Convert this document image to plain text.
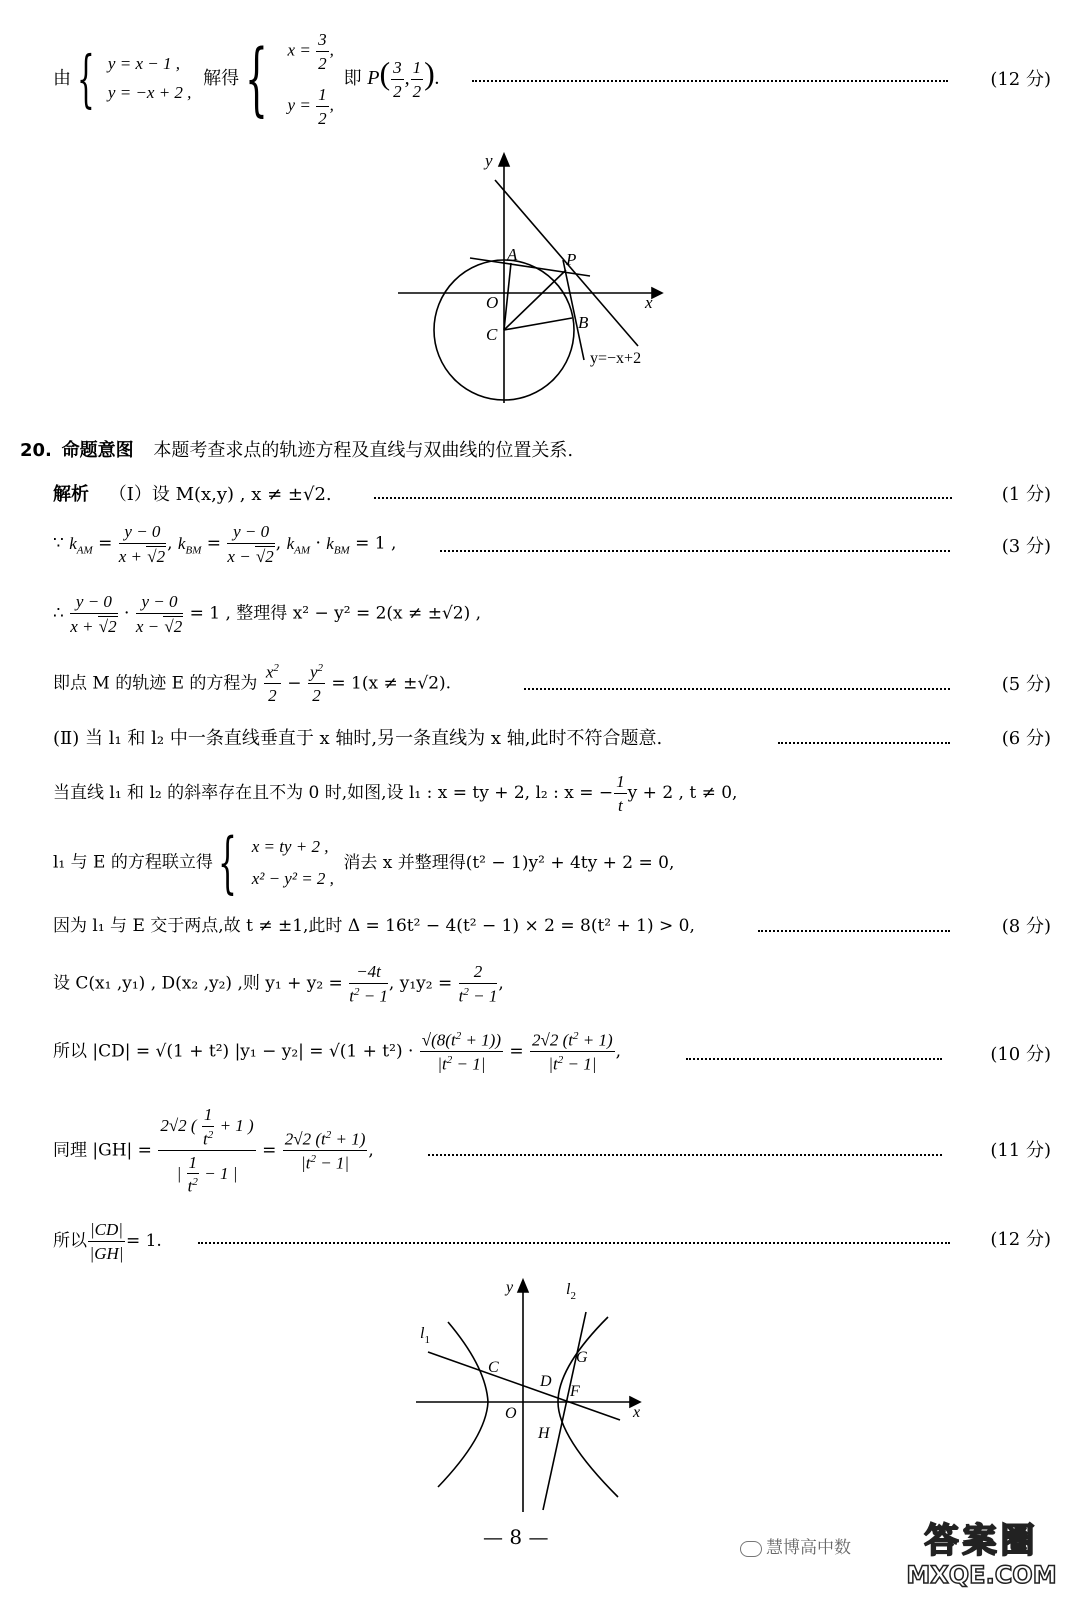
由 { y = x − 1 ,
y = −x + 2 ,
解得 { $x = \frac{3}{2}$ ,
$y = \frac{1}{2}$ ,
即 $P( \frac{3}{2}$ , $\frac{1}{2}$ ).	(12 分)
y
x
A	P
O
C
B
y=−x+2
20. 命题意图 本题考查求点的轨迹方程及直线与双曲线的位置关系.
解析 （Ⅰ）设 M(x,y) , x ≠ ±√2.	(1 分)
∵ $k_{AM} = \frac{y - 0}{x + √2}$ , $k_{BM} = \frac{y - 0}{x - √2}$ , $k_{AM} \cdot k_{BM} = 1$ ,	(3 分)
∴ $\frac{y - 0}{x + √2} \cdot \frac{y - 0}{x - √2} = 1$ , 整理得 x² − y² = 2(x ≠ ±√2) ,
即点 M 的轨迹 E 的方程为 $\frac{x^2}{2} - \frac{y^2}{2} = 1(x \ne \pm√2)$.	(5 分)
(Ⅱ) 当 l₁ 和 l₂ 中一条直线垂直于 x 轴时,另一条直线为 x 轴,此时不符合题意.	(6 分)
当直线 l₁ 和 l₂ 的斜率存在且不为 0 时,如图,设 l₁ : x = ty + 2, l₂ : x = − $\frac{1}{t}$ y + 2 , t ≠ 0,
l₁ 与 E 的方程联立得 { x = ty + 2 ,
x² − y² = 2 ,
消去 x 并整理得(t² − 1)y² + 4ty + 2 = 0,
因为 l₁ 与 E 交于两点,故 t ≠ ±1,此时 Δ = 16t² − 4(t² − 1) × 2 = 8(t² + 1) > 0,	(8 分)
设 C(x₁ ,y₁) , D(x₂ ,y₂) ,则 $y_1 + y_2 = \frac{-4t}{t^2 - 1}$ , $y_1y_2 = \frac{2}{t^2 - 1}$ ,
所以 |CD| = √(1 + t²) $|y_1 - y_2| = √(1 + t^2) \cdot \frac{√(8(t^2 + 1))}{|t^2 - 1|} = \frac{2√2 (t^2 + 1)}{|t^2 - 1|}$ ,	(10 分)
同理 $|GH| = \frac{2√2 ( \frac{1}{t^2} + 1 )}{| \frac{1}{t^2} - 1 |} = \frac{2√2 (t^2 + 1)}{|t^2 - 1|}$ ,	(11 分)
所以 $\frac{|CD|}{|GH|} = 1$.	(12 分)
y
x
$l_1$
$l_2$
C
D
G
F
O
H
— 8 —	慧博高中数	答案圈
MXQE.COM
